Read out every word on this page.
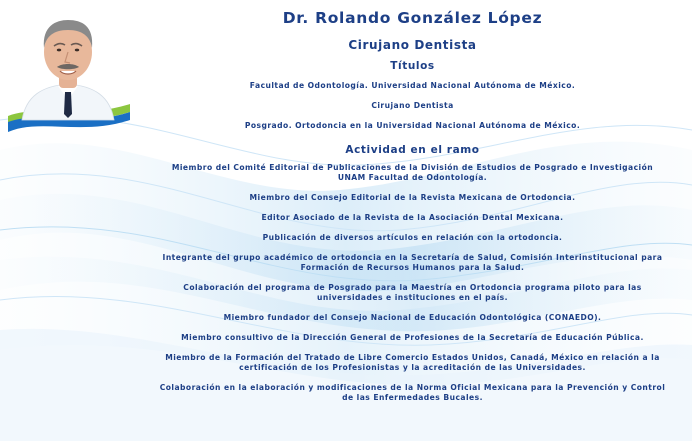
Dr. Rolando González López
Cirujano Dentista
Títulos
Facultad de Odontología. Universidad Nacional Autónoma de México.
Cirujano Dentista
Posgrado. Ortodoncia en la Universidad Nacional Autónoma de México.
Actividad en el ramo
Miembro del Comité Editorial de Publicaciones de la División de Estudios de Posgrado e Investigación UNAM Facultad de Odontología.
Miembro del Consejo Editorial de la Revista Mexicana de Ortodoncia.
Editor Asociado de la Revista de la Asociación Dental Mexicana.
Publicación de diversos artículos en relación con la ortodoncia.
Integrante del grupo académico de ortodoncia en la Secretaría de Salud, Comisión Interinstitucional para Formación de Recursos Humanos para la Salud.
Colaboración del programa de Posgrado para la Maestría en Ortodoncia programa piloto para las universidades e instituciones en el país.
Miembro fundador del Consejo Nacional de Educación Odontológica (CONAEDO).
Miembro consultivo de la Dirección General de Profesiones de la Secretaría de Educación Pública.
Miembro de la Formación del Tratado de Libre Comercio Estados Unidos, Canadá, México en relación a la certificación de los Profesionistas y la acreditación de las Universidades.
Colaboración en la elaboración y modificaciones de la Norma Oficial Mexicana para la Prevención y Control de las Enfermedades Bucales.
